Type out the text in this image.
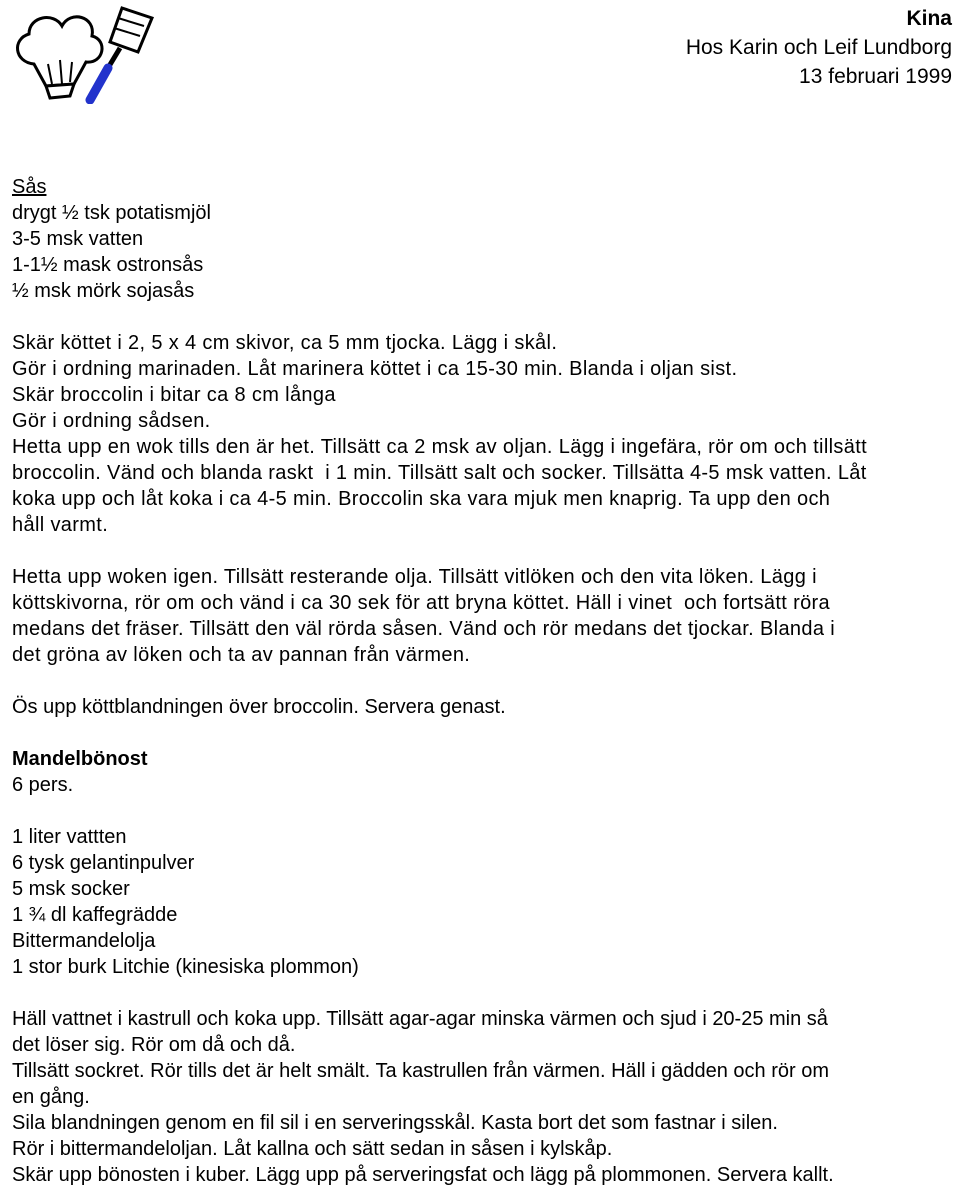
Kina
Hos Karin och Leif Lundborg
13 februari 1999
Sås
drygt ½ tsk potatismjöl
3-5 msk vatten
1-1½ mask ostronsås
½ msk mörk sojasås
Skär köttet i 2, 5 x 4 cm skivor, ca 5 mm tjocka. Lägg i skål.
Gör i ordning marinaden. Låt marinera köttet i ca 15-30 min. Blanda i oljan sist.
Skär broccolin i bitar ca 8 cm långa
Gör i ordning sådsen.
Hetta upp en wok tills den är het. Tillsätt ca 2 msk av oljan. Lägg i ingefära, rör om och tillsätt
broccolin. Vänd och blanda raskt  i 1 min. Tillsätt salt och socker. Tillsätta 4-5 msk vatten. Låt
koka upp och låt koka i ca 4-5 min. Broccolin ska vara mjuk men knaprig. Ta upp den och
håll varmt.
Hetta upp woken igen. Tillsätt resterande olja. Tillsätt vitlöken och den vita löken. Lägg i
köttskivorna, rör om och vänd i ca 30 sek för att bryna köttet. Häll i vinet  och fortsätt röra
medans det fräser. Tillsätt den väl rörda såsen. Vänd och rör medans det tjockar. Blanda i
det gröna av löken och ta av pannan från värmen.
Ös upp köttblandningen över broccolin. Servera genast.
Mandelbönost
6 pers.
1 liter vattten
6 tysk gelantinpulver
5 msk socker
1 ¾ dl kaffegrädde
Bittermandelolja
1 stor burk Litchie (kinesiska plommon)
Häll vattnet i kastrull och koka upp. Tillsätt agar-agar minska värmen och sjud i 20-25 min så
det löser sig. Rör om då och då.
Tillsätt sockret. Rör tills det är helt smält. Ta kastrullen från värmen. Häll i gädden och rör om
en gång.
Sila blandningen genom en fil sil i en serveringsskål. Kasta bort det som fastnar i silen.
Rör i bittermandeloljan. Låt kallna och sätt sedan in såsen i kylskåp.
Skär upp bönosten i kuber. Lägg upp på serveringsfat och lägg på plommonen. Servera kallt.
